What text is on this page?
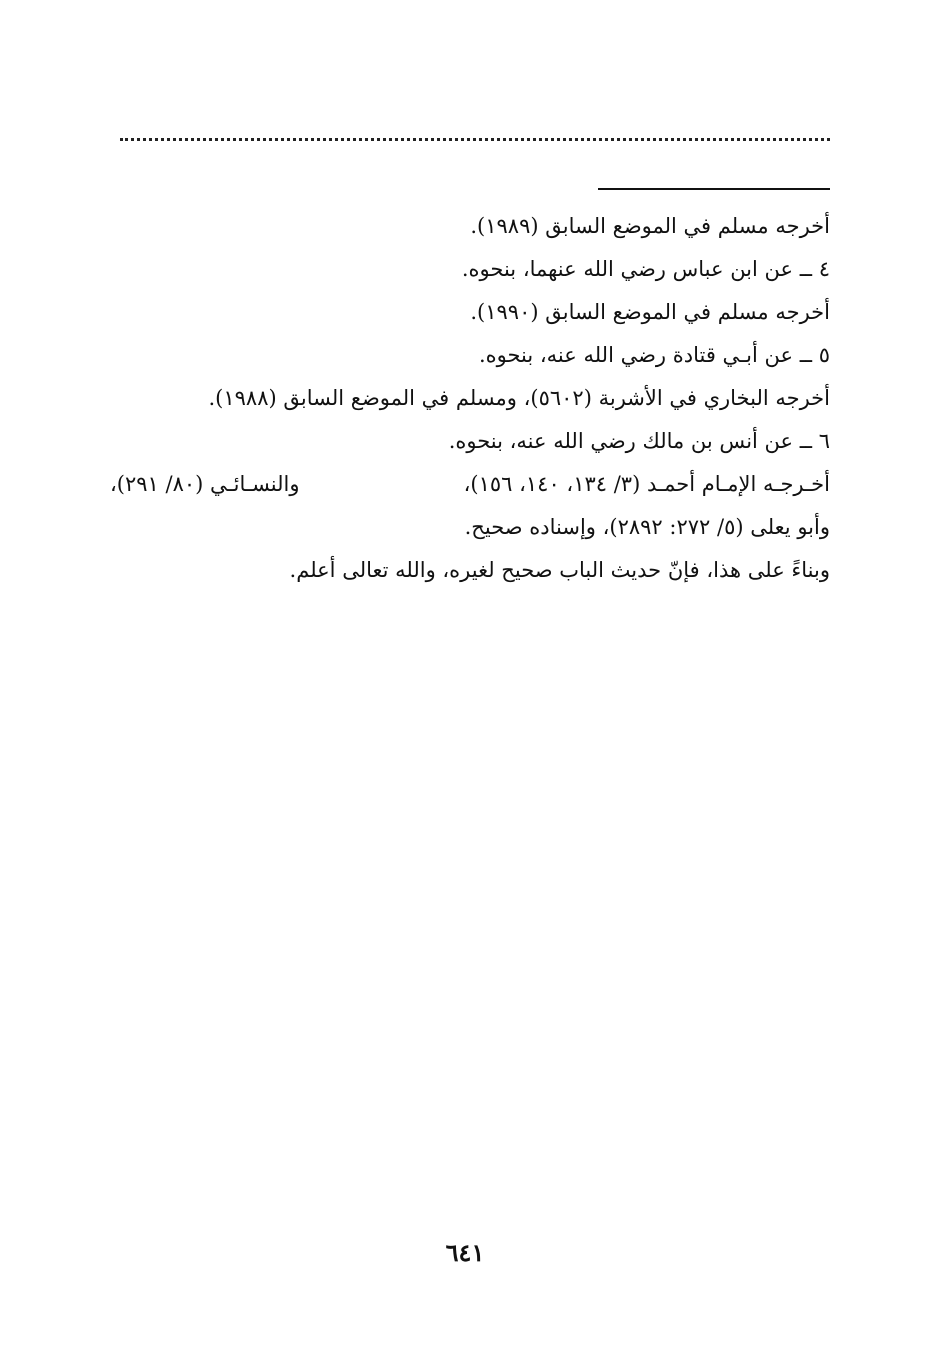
أخرجه مسلم في الموضع السابق (١٩٨٩).
٤ ــ عن ابن عباس رضي الله عنهما، بنحوه.
أخرجه مسلم في الموضع السابق (١٩٩٠).
٥ ــ عن أبـي قتادة رضي الله عنه، بنحوه.
أخرجه البخاري في الأشربة (٥٦٠٢)، ومسلم في الموضع السابق (١٩٨٨).
٦ ــ عن أنس بن مالك رضي الله عنه، بنحوه.
أخـرجـه الإمـام أحمـد (٣/ ١٣٤، ١٤٠، ١٥٦)،
والنسـائـي (٨٠/ ٢٩١)،
وأبو يعلى (٥/ ٢٧٢: ٢٨٩٢)، وإسناده صحيح.
وبناءً على هذا، فإنّ حديث الباب صحيح لغيره، والله تعالى أعلم.
٦٤١
